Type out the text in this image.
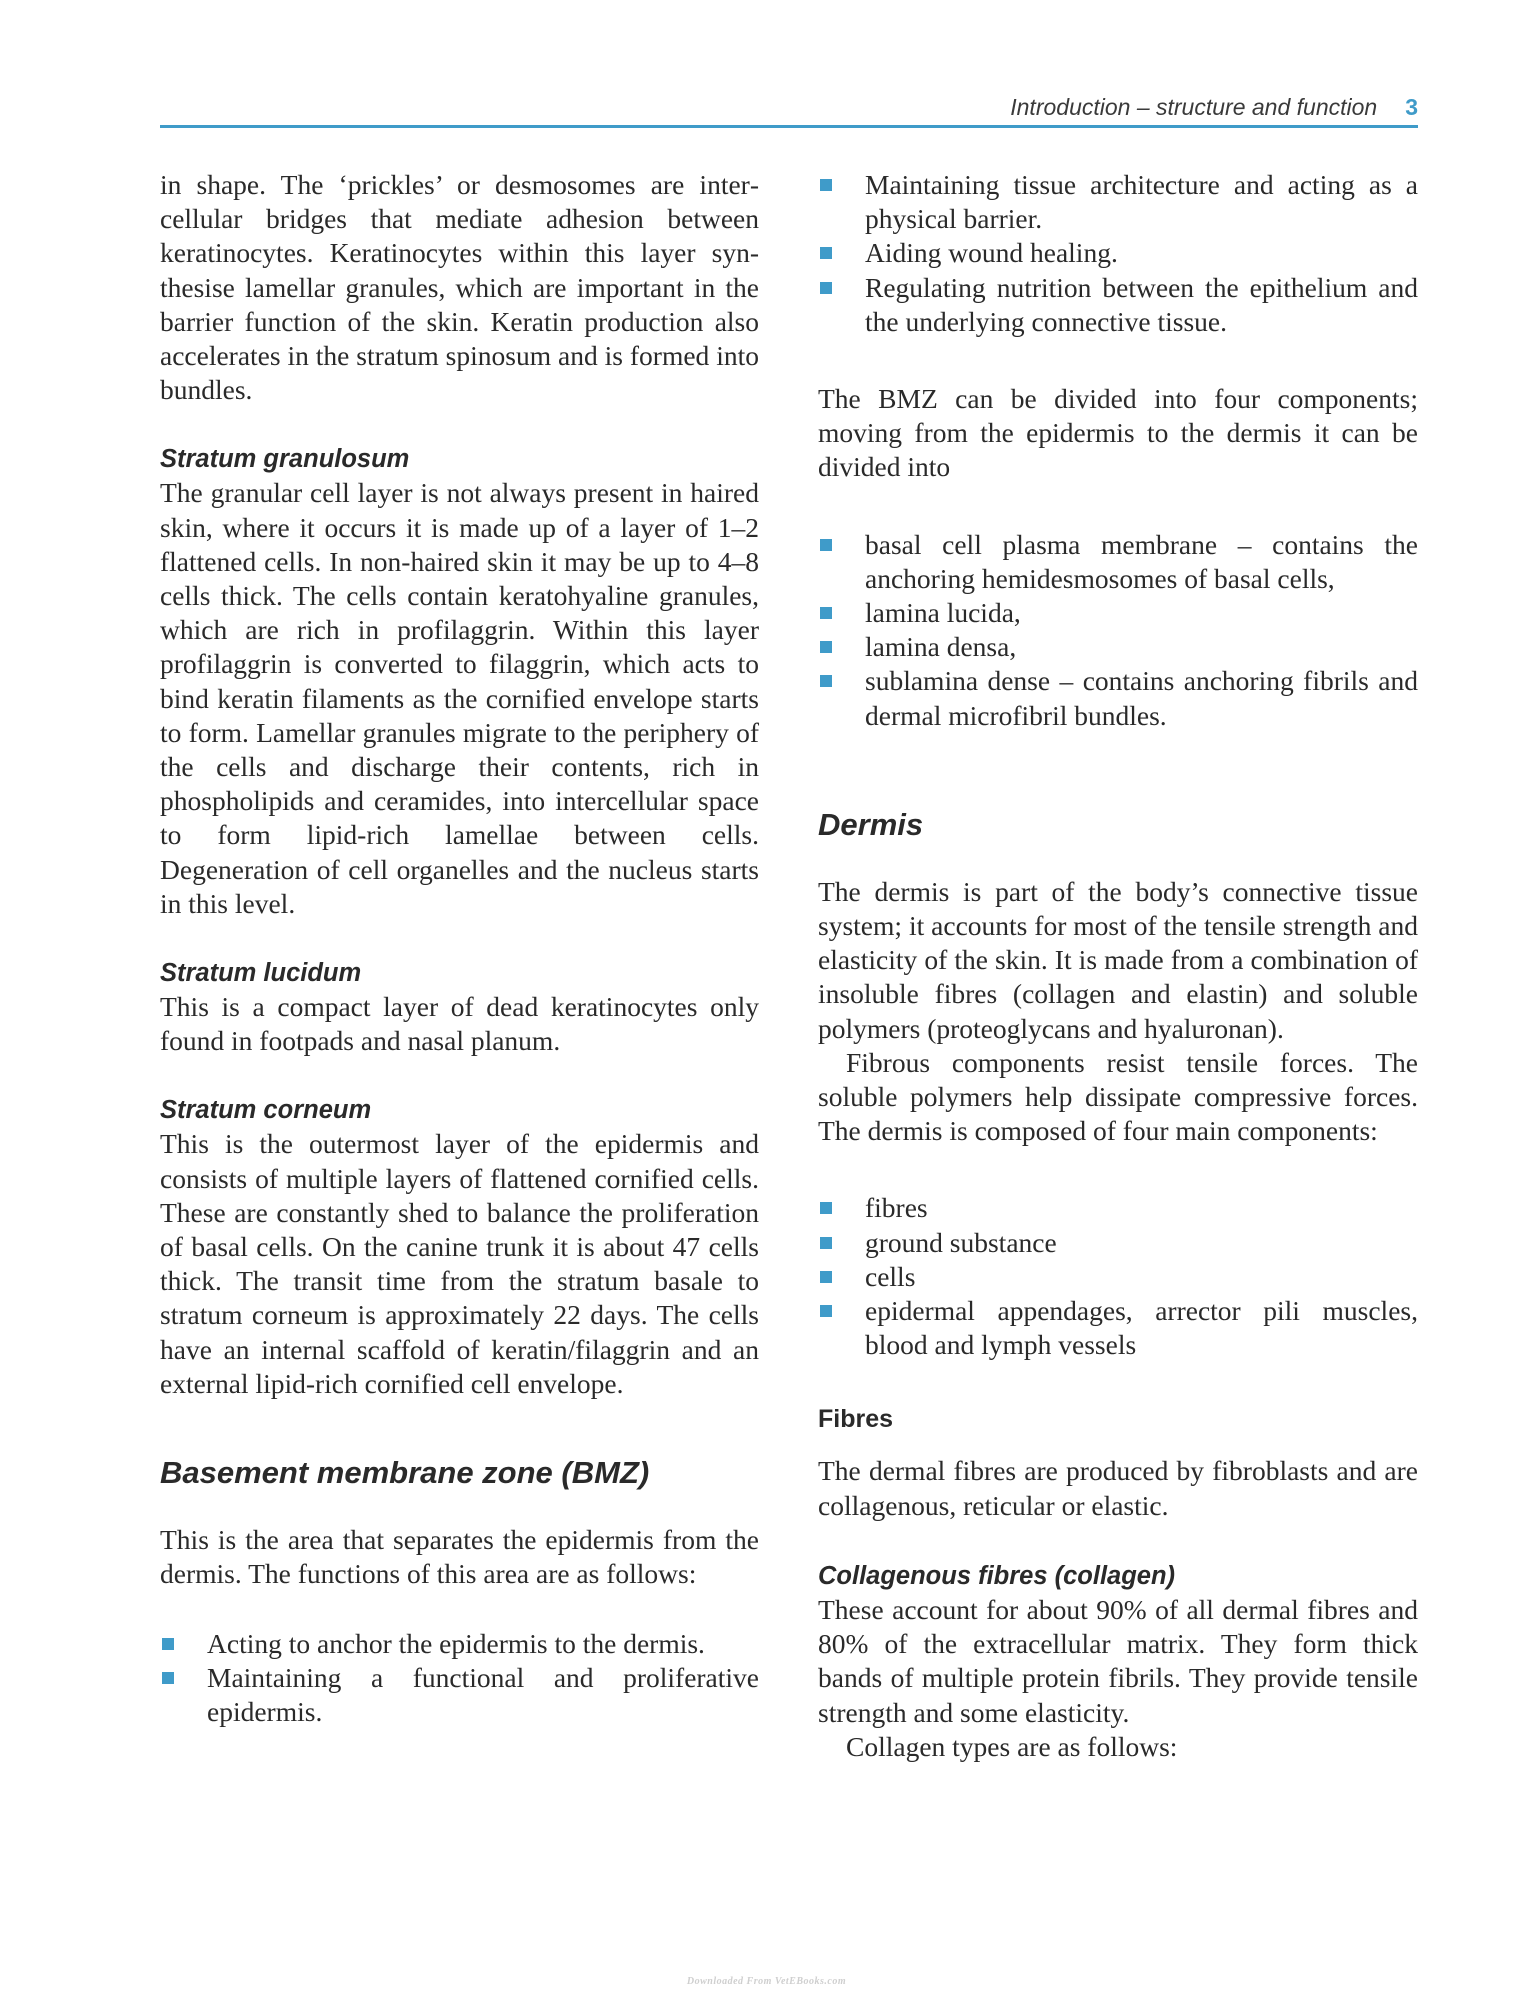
Introduction – structure and function 3

in shape. The ‘prickles’ or desmosomes are intercellular bridges that mediate adhesion between keratinocytes. Keratinocytes within this layer synthesise lamellar granules, which are important in the barrier function of the skin. Keratin production also accelerates in the stratum spinosum and is formed into bundles.

Stratum granulosum

The granular cell layer is not always present in haired skin, where it occurs it is made up of a layer of 1–2 flattened cells. In non-haired skin it may be up to 4–8 cells thick. The cells contain keratohyaline granules, which are rich in profilaggrin. Within this layer profilaggrin is converted to filaggrin, which acts to bind keratin filaments as the cornified envelope starts to form. Lamellar granules migrate to the periphery of the cells and discharge their contents, rich in phospholipids and ceramides, into intercellular space to form lipid-rich lamellae between cells. Degeneration of cell organelles and the nucleus starts in this level.

Stratum lucidum

This is a compact layer of dead keratinocytes only found in footpads and nasal planum.

Stratum corneum

This is the outermost layer of the epidermis and consists of multiple layers of flattened cornified cells. These are constantly shed to balance the proliferation of basal cells. On the canine trunk it is about 47 cells thick. The transit time from the stratum basale to stratum corneum is approximately 22 days. The cells have an internal scaffold of keratin/filaggrin and an external lipid-rich cornified cell envelope.

Basement membrane zone (BMZ)

This is the area that separates the epidermis from the dermis. The functions of this area are as follows:

Acting to anchor the epidermis to the dermis.
Maintaining a functional and proliferative epidermis.
Maintaining tissue architecture and acting as a physical barrier.
Aiding wound healing.
Regulating nutrition between the epithelium and the underlying connective tissue.

The BMZ can be divided into four components; moving from the epidermis to the dermis it can be divided into

basal cell plasma membrane – contains the anchoring hemidesmosomes of basal cells,
lamina lucida,
lamina densa,
sublamina dense – contains anchoring fibrils and dermal microfibril bundles.
Dermis

The dermis is part of the body’s connective tissue system; it accounts for most of the tensile strength and elasticity of the skin. It is made from a combination of insoluble fibres (collagen and elastin) and soluble polymers (proteoglycans and hyaluronan).

Fibrous components resist tensile forces. The soluble polymers help dissipate compressive forces. The dermis is composed of four main components:

fibres
ground substance
cells
epidermal appendages, arrector pili muscles, blood and lymph vessels
Fibres

The dermal fibres are produced by fibroblasts and are collagenous, reticular or elastic.

Collagenous fibres (collagen)

These account for about 90% of all dermal fibres and 80% of the extracellular matrix. They form thick bands of multiple protein fibrils. They provide tensile strength and some elasticity.

Collagen types are as follows:

Downloaded From VetEBooks.com
